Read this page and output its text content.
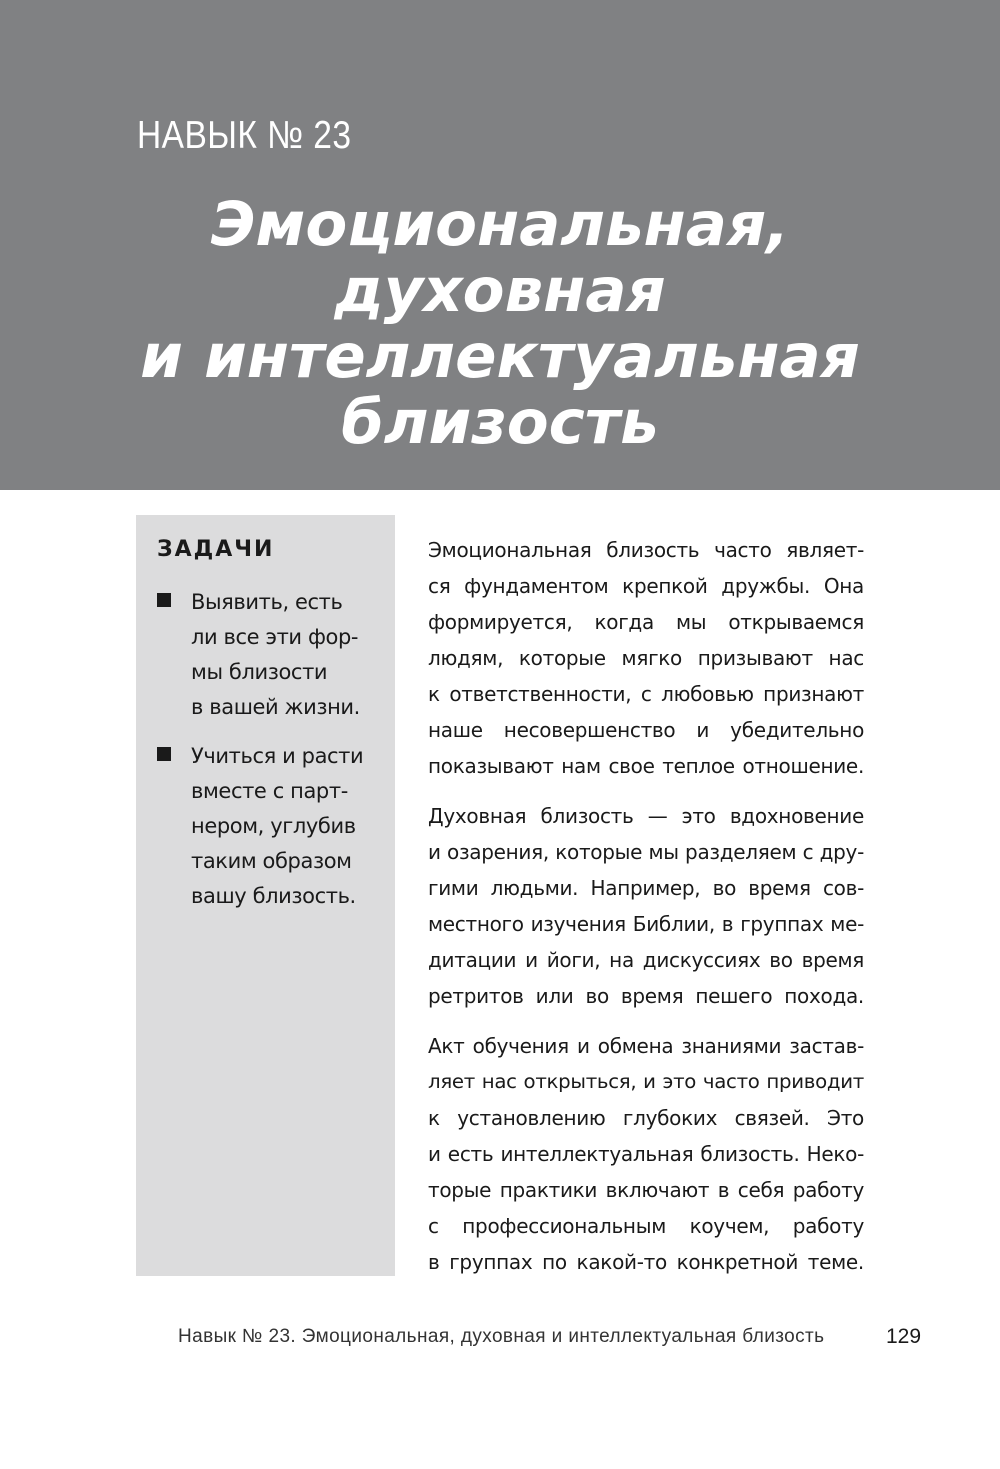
НАВЫК № 23
Эмоциональная,
духовная
и интеллектуальная
близость
ЗАДАЧИ
Выявить, есть
ли все эти фор-
мы близости
в вашей жизни.
Учиться и расти
вместе с парт-
нером, углубив
таким образом
вашу близость.
Эмоциональная близость часто являет-
ся фундаментом крепкой дружбы. Она
формируется, когда мы открываемся
людям, которые мягко призывают нас
к ответственности, с любовью признают
наше несовершенство и убедительно
показывают нам свое теплое отношение.
Духовная близость — это вдохновение
и озарения, которые мы разделяем с дру-
гими людьми. Например, во время сов-
местного изучения Библии, в группах ме-
дитации и йоги, на дискуссиях во время
ретритов или во время пешего похода.
Акт обучения и обмена знаниями застав-
ляет нас открыться, и это часто приводит
к установлению глубоких связей. Это
и есть интеллектуальная близость. Неко-
торые практики включают в себя работу
с профессиональным коучем, работу
в группах по какой-то конкретной теме.
Навык № 23. Эмоциональная, духовная и интеллектуальная близость	129
